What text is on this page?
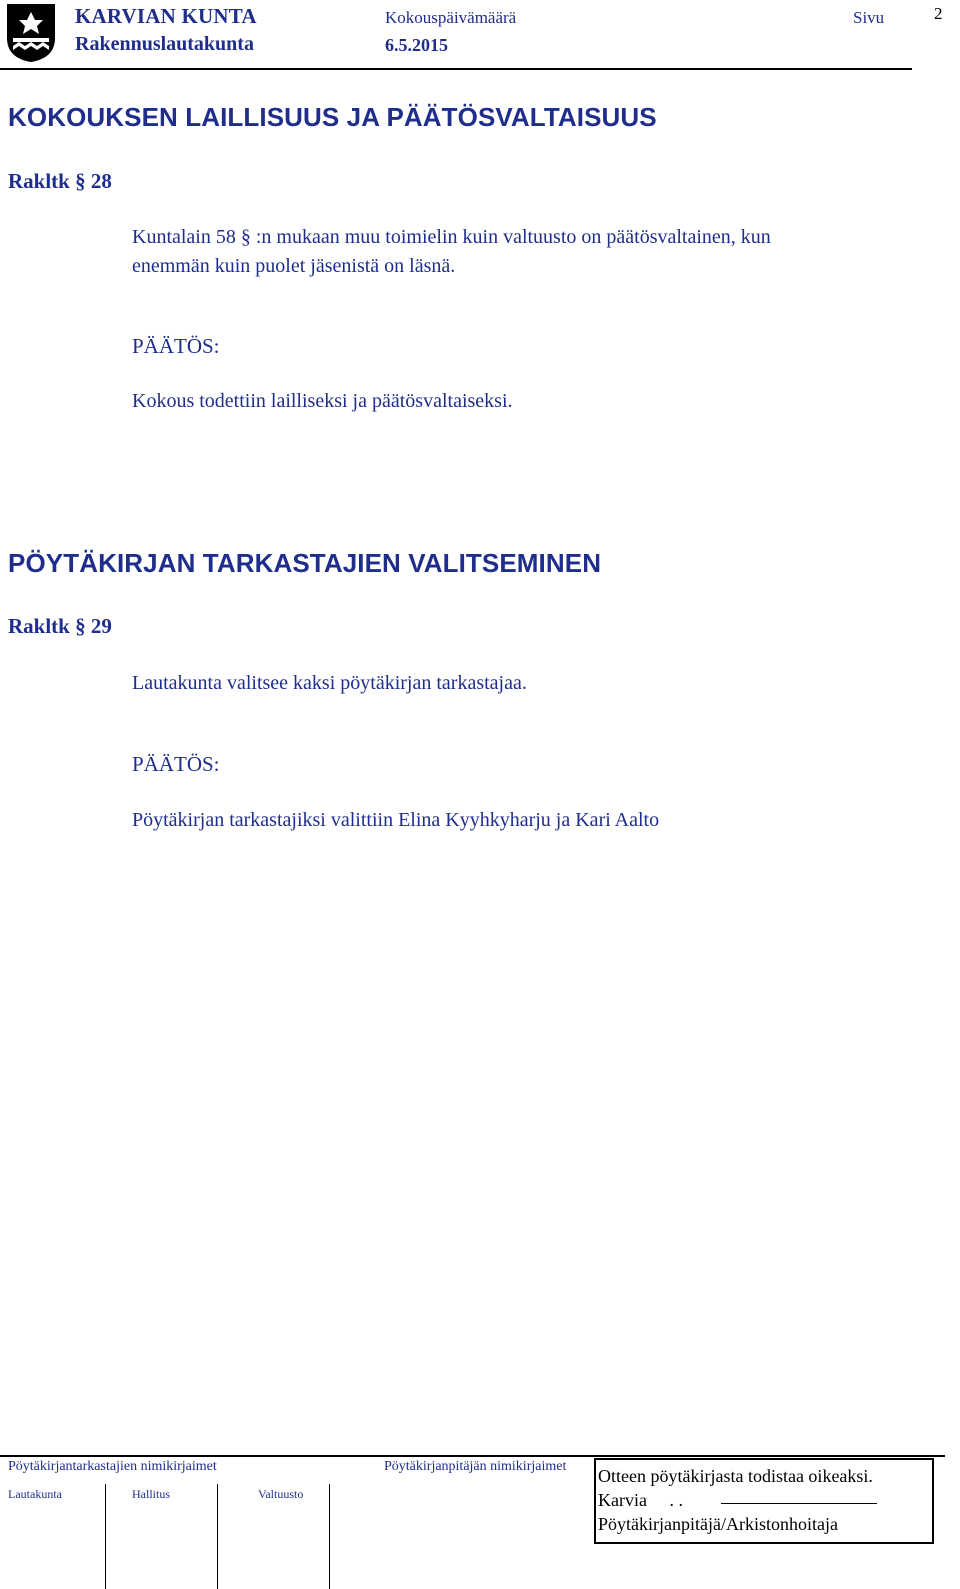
KARVIAN KUNTA
Rakennuslautakunta
Kokouspäivämäärä
6.5.2015
Sivu	2
KOKOUKSEN LAILLISUUS JA PÄÄTÖSVALTAISUUS
Rakltk § 28
Kuntalain 58 § :n mukaan muu toimielin kuin valtuusto on päätösvaltainen, kun
enemmän kuin puolet jäsenistä on läsnä.
PÄÄTÖS:
Kokous todettiin lailliseksi ja päätösvaltaiseksi.
PÖYTÄKIRJAN TARKASTAJIEN VALITSEMINEN
Rakltk § 29
Lautakunta valitsee kaksi pöytäkirjan tarkastajaa.
PÄÄTÖS:
Pöytäkirjan tarkastajiksi valittiin Elina Kyyhkyharju ja Kari Aalto
Pöytäkirjantarkastajien nimikirjaimet	Pöytäkirjanpitäjän nimikirjaimet
Lautakunta	Hallitus	Valtuusto
Otteen pöytäkirjasta todistaa oikeaksi.
Karvia . .
Pöytäkirjanpitäjä/Arkistonhoitaja
